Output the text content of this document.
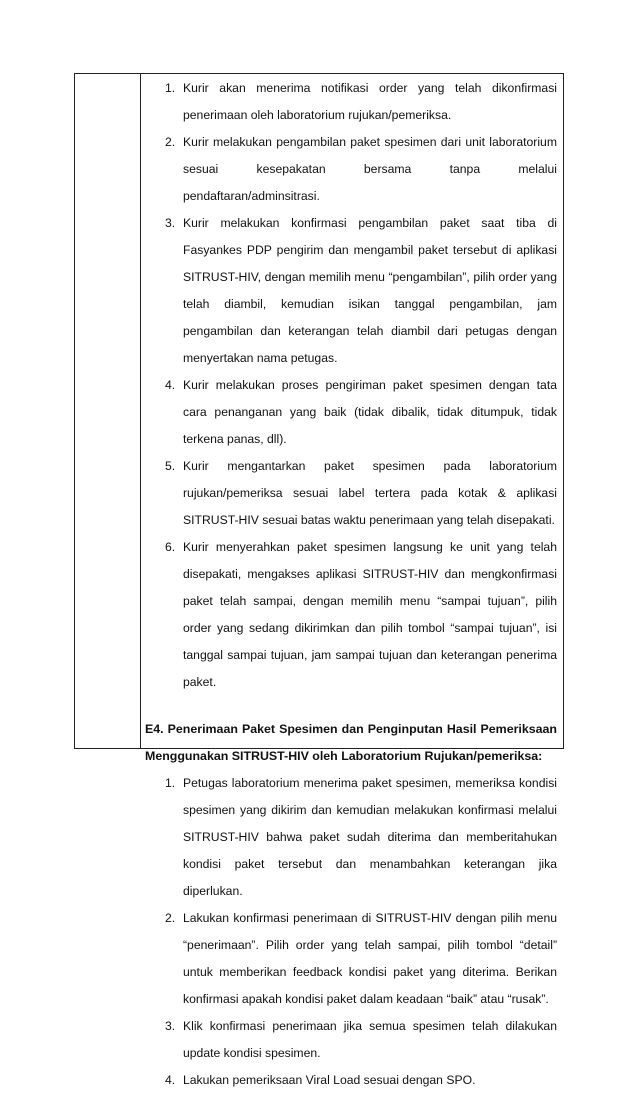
1. Kurir akan menerima notifikasi order yang telah dikonfirmasi penerimaan oleh laboratorium rujukan/pemeriksa.
2. Kurir melakukan pengambilan paket spesimen dari unit laboratorium sesuai kesepakatan bersama tanpa melalui pendaftaran/adminsitrasi.
3. Kurir melakukan konfirmasi pengambilan paket saat tiba di Fasyankes PDP pengirim dan mengambil paket tersebut di aplikasi SITRUST-HIV, dengan memilih menu “pengambilan”, pilih order yang telah diambil, kemudian isikan tanggal pengambilan, jam pengambilan dan keterangan telah diambil dari petugas dengan menyertakan nama petugas.
4. Kurir melakukan proses pengiriman paket spesimen dengan tata cara penanganan yang baik (tidak dibalik, tidak ditumpuk, tidak terkena panas, dll).
5. Kurir mengantarkan paket spesimen pada laboratorium rujukan/pemeriksa sesuai label tertera pada kotak & aplikasi SITRUST-HIV sesuai batas waktu penerimaan yang telah disepakati.
6. Kurir menyerahkan paket spesimen langsung ke unit yang telah disepakati, mengakses aplikasi SITRUST-HIV dan mengkonfirmasi paket telah sampai, dengan memilih menu “sampai tujuan”, pilih order yang sedang dikirimkan dan pilih tombol “sampai tujuan”, isi tanggal sampai tujuan, jam sampai tujuan dan keterangan penerima paket.
E4. Penerimaan Paket Spesimen dan Penginputan Hasil Pemeriksaan Menggunakan SITRUST-HIV oleh Laboratorium Rujukan/pemeriksa:
1. Petugas laboratorium menerima paket spesimen, memeriksa kondisi spesimen yang dikirim dan kemudian melakukan konfirmasi melalui SITRUST-HIV bahwa paket sudah diterima dan memberitahukan kondisi paket tersebut dan menambahkan keterangan jika diperlukan.
2. Lakukan konfirmasi penerimaan di SITRUST-HIV dengan pilih menu “penerimaan”. Pilih order yang telah sampai, pilih tombol “detail” untuk memberikan feedback kondisi paket yang diterima. Berikan konfirmasi apakah kondisi paket dalam keadaan “baik” atau “rusak”.
3. Klik konfirmasi penerimaan jika semua spesimen telah dilakukan update kondisi spesimen.
4. Lakukan pemeriksaan Viral Load sesuai dengan SPO.
